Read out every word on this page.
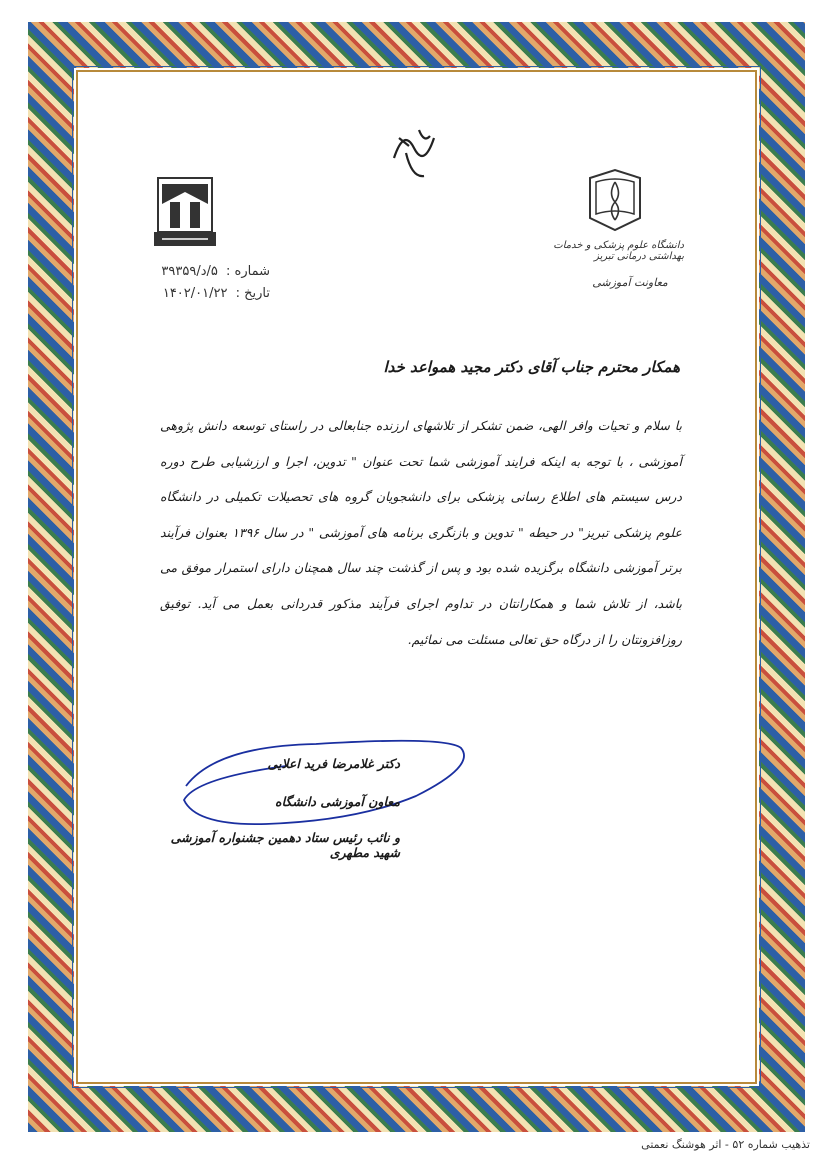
دانشگاه علوم پزشکی و خدمات بهداشتی درمانی تبریز
معاونت آموزشی
شماره : ۵/د/۳۹۳۵۹
تاریخ : ۱۴۰۲/۰۱/۲۲
همکار محترم جناب آقای دکتر مجید همواعد خدا
با سلام و تحیات وافر الهی، ضمن تشکر از تلاشهای ارزنده جنابعالی در راستای توسعه دانش پژوهی آموزشی ، با توجه به اینکه فرایند آموزشی شما تحت عنوان " تدوین، اجرا و ارزشیابی طرح دوره درس سیستم های اطلاع رسانی پزشکی برای دانشجویان گروه های تحصیلات تکمیلی در دانشگاه علوم پزشکی تبریز" در حیطه " تدوین و بازنگری برنامه های آموزشی " در سال ۱۳۹۶ بعنوان فرآیند برتر آموزشی دانشگاه برگزیده شده بود و پس از گذشت چند سال همچنان دارای استمرار موفق می باشد، از تلاش شما و همکارانتان در تداوم اجرای فرآیند مذکور قدردانی بعمل می آید. توفیق روزافزونتان را از درگاه حق تعالی مسئلت می نمائیم.
دکتر غلامرضا فرید اعلایی
معاون آموزشی دانشگاه
و نائب رئیس ستاد دهمین جشنواره آموزشی شهید مطهری
تذهیب شماره ۵۲ - اثر هوشنگ نعمتی
